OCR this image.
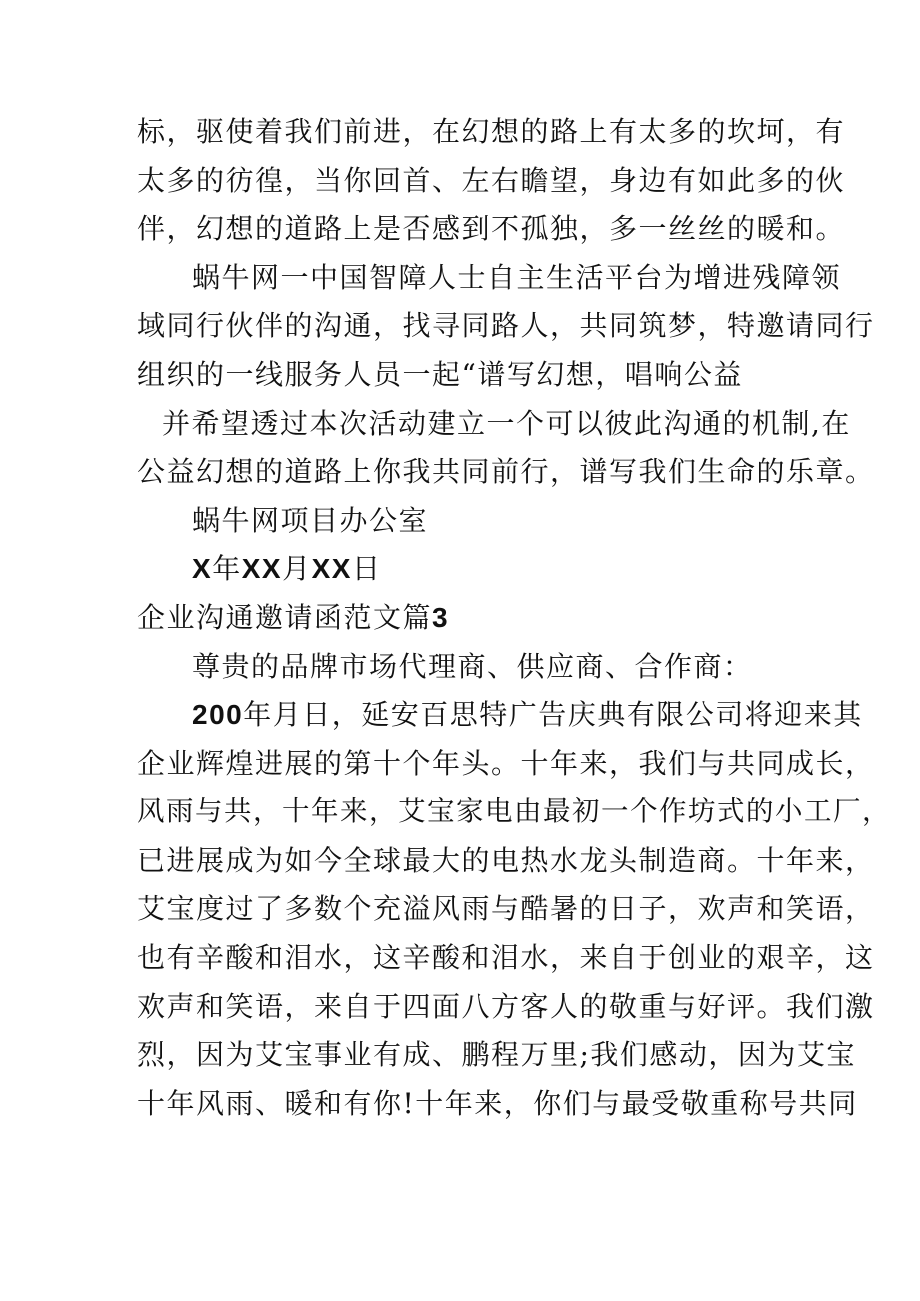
标，驱使着我们前进，在幻想的路上有太多的坎坷，有
太多的彷徨，当你回首、左右瞻望，身边有如此多的伙
伴，幻想的道路上是否感到不孤独，多一丝丝的暖和。
蜗牛网一中国智障人士自主生活平台为增进残障领
域同行伙伴的沟通，找寻同路人，共同筑梦，特邀请同行
组织的一线服务人员一起“谱写幻想，唱响公益
并希望透过本次活动建立一个可以彼此沟通的机制,在
公益幻想的道路上你我共同前行，谱写我们生命的乐章。
蜗牛网项目办公室
X年XX月XX日
企业沟通邀请函范文篇3
尊贵的品牌市场代理商、供应商、合作商：
200年月日，延安百思特广告庆典有限公司将迎来其
企业辉煌进展的第十个年头。十年来，我们与共同成长，
风雨与共，十年来，艾宝家电由最初一个作坊式的小工厂，
已进展成为如今全球最大的电热水龙头制造商。十年来，
艾宝度过了多数个充溢风雨与酷暑的日子，欢声和笑语，
也有辛酸和泪水，这辛酸和泪水，来自于创业的艰辛，这
欢声和笑语，来自于四面八方客人的敬重与好评。我们激
烈，因为艾宝事业有成、鹏程万里;我们感动，因为艾宝
十年风雨、暖和有你!十年来，你们与最受敬重称号共同
